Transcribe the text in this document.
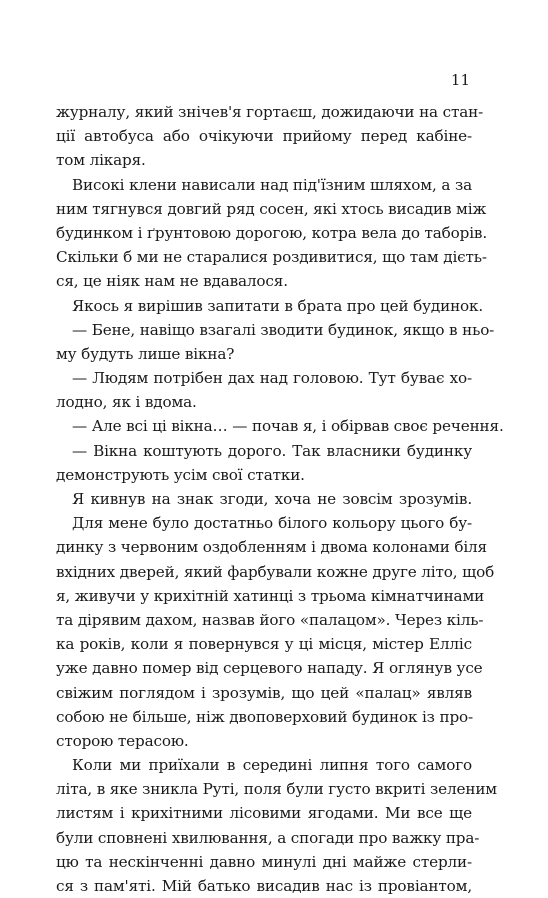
11
журналу, який знічев'я гортаєш, дожидаючи на стан-
ції автобуса або очікуючи прийому перед кабіне-
том лікаря.
Високі клени нависали над під'їзним шляхом, а за
ним тягнувся довгий ряд сосен, які хтось висадив між
будинком і ґрунтовою дорогою, котра вела до таборів.
Скільки б ми не старалися роздивитися, що там дієть-
ся, це ніяк нам не вдавалося.
Якось я вирішив запитати в брата про цей будинок.
— Бене, навіщо взагалі зводити будинок, якщо в ньо-
му будуть лише вікна?
— Людям потрібен дах над головою. Тут буває хо-
лодно, як і вдома.
— Але всі ці вікна… — почав я, і обірвав своє речення.
— Вікна коштують дорого. Так власники будинку
демонструють усім свої статки.
Я кивнув на знак згоди, хоча не зовсім зрозумів.
Для мене було достатньо білого кольору цього бу-
динку з червоним оздобленням і двома колонами біля
вхідних дверей, який фарбували кожне друге літо, щоб
я, живучи у крихітній хатинці з трьома кімнатчинами
та дірявим дахом, назвав його «палацом». Через кіль-
ка років, коли я повернувся у ці місця, містер Елліс
уже давно помер від серцевого нападу. Я оглянув усе
свіжим поглядом і зрозумів, що цей «палац» являв
собою не більше, ніж двоповерховий будинок із про-
сторою терасою.
Коли ми приїхали в середині липня того самого
літа, в яке зникла Руті, поля були густо вкриті зеленим
листям і крихітними лісовими ягодами. Ми все ще
були сповнені хвилювання, а спогади про важку пра-
цю та нескінченні давно минулі дні майже стерли-
ся з пам'яті. Мій батько висадив нас із провіантом,
